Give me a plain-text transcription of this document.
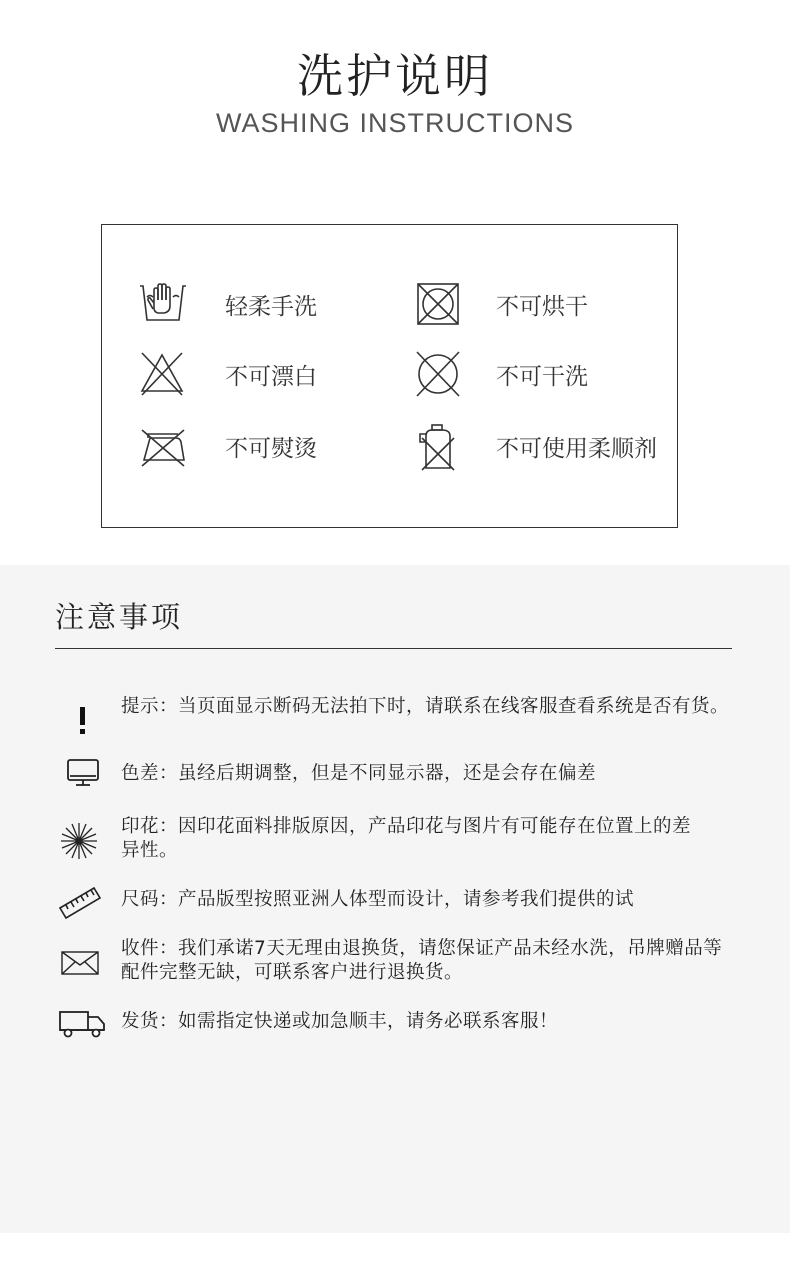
洗护说明
WASHING INSTRUCTIONS
轻柔手洗	不可烘干
不可漂白	不可干洗
不可熨烫	不可使用柔顺剂
注意事项
提示：当页面显示断码无法拍下时，请联系在线客服查看系统是否有货。
色差：虽经后期调整，但是不同显示器，还是会存在偏差
印花：因印花面料排版原因，产品印花与图片有可能存在位置上的差异性。
尺码：产品版型按照亚洲人体型而设计，请参考我们提供的试
收件：我们承诺7天无理由退换货，请您保证产品未经水洗，吊牌赠品等配件完整无缺，可联系客户进行退换货。
发货：如需指定快递或加急顺丰，请务必联系客服！
